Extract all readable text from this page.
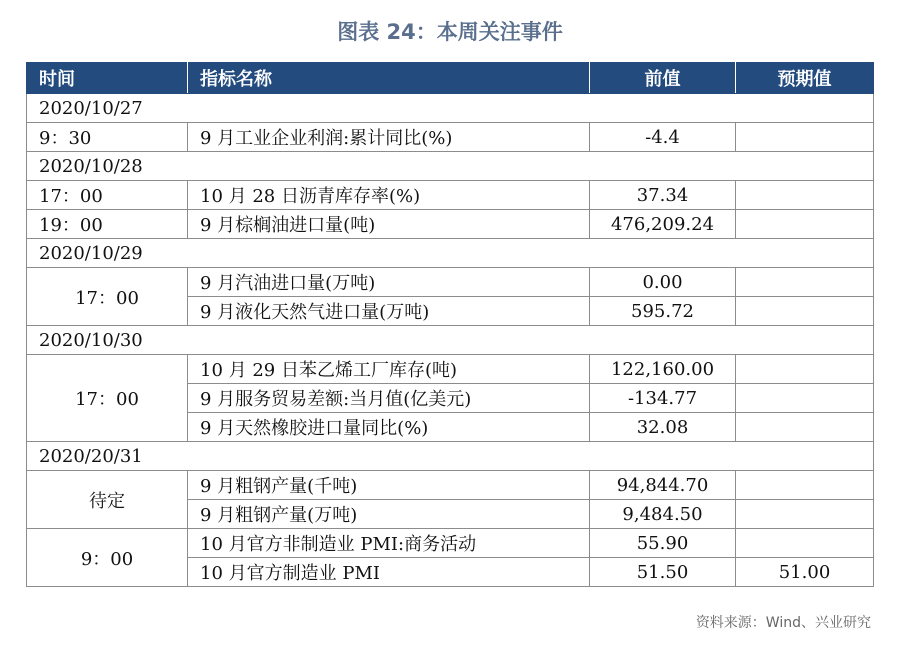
图表 24：本周关注事件
时间	指标名称	前值	预期值
2020/10/27			
9：30	9 月工业企业利润:累计同比(%)	-4.4	
2020/10/28			
17：00	10 月 28 日沥青库存率(%)	37.34	
19：00	9 月棕榈油进口量(吨)	476,209.24	
2020/10/29			
17：00	9 月汽油进口量(万吨)	0.00	
	9 月液化天然气进口量(万吨)	595.72	
2020/10/30			
17：00	10 月 29 日苯乙烯工厂库存(吨)	122,160.00	
	9 月服务贸易差额:当月值(亿美元)	-134.77	
	9 月天然橡胶进口量同比(%)	32.08	
2020/20/31			
待定	9 月粗钢产量(千吨)	94,844.70	
	9 月粗钢产量(万吨)	9,484.50	
9：00	10 月官方非制造业 PMI:商务活动	55.90	
	10 月官方制造业 PMI	51.50	51.00
资料来源：Wind、兴业研究
